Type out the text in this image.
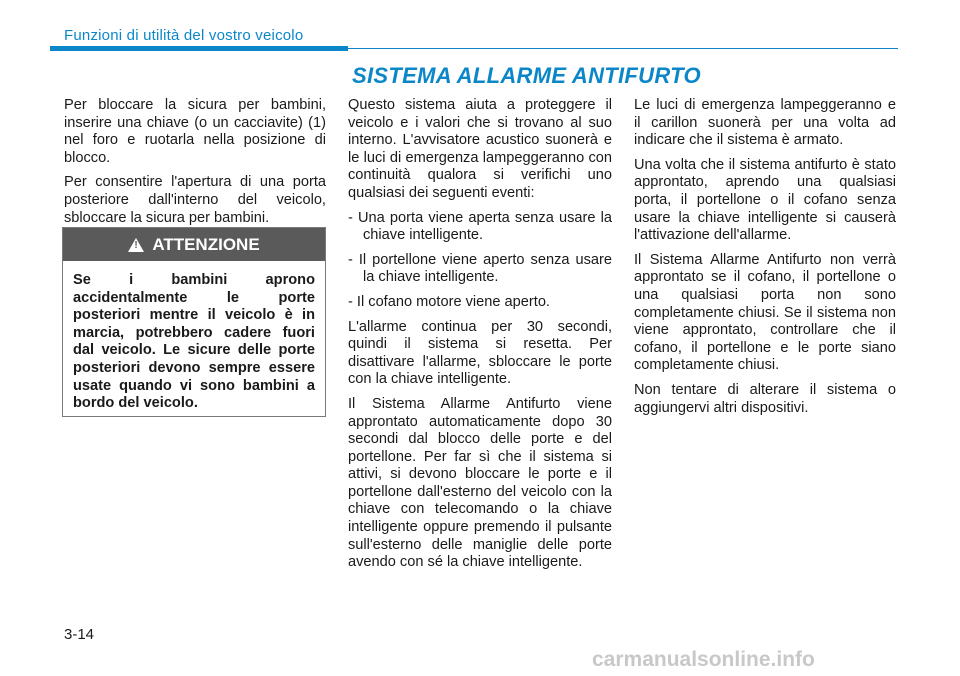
Funzioni di utilità del vostro veicolo
SISTEMA ALLARME ANTIFURTO

Per bloccare la sicura per bambini, inserire una chiave (o un cacciavite) (1) nel foro e ruotarla nella posizione di blocco.

Per consentire l'apertura di una porta posteriore dall'interno del veicolo, sbloccare la sicura per bambini.

!
ATTENZIONE
Se i bambini aprono accidentalmente le porte posteriori mentre il veicolo è in marcia, potrebbero cadere fuori dal veicolo. Le sicure delle porte posteriori devono sempre essere usate quando vi sono bambini a bordo del veicolo.

Questo sistema aiuta a proteggere il veicolo e i valori che si trovano al suo interno. L'avvisatore acustico suonerà e le luci di emergenza lampeggeranno con continuità qualora si verifichi uno qualsiasi dei seguenti eventi:

- Una porta viene aperta senza usare la chiave intelligente.

- Il portellone viene aperto senza usare la chiave intelligente.

- Il cofano motore viene aperto.

L'allarme continua per 30 secondi, quindi il sistema si resetta. Per disattivare l'allarme, sbloccare le porte con la chiave intelligente.

Il Sistema Allarme Antifurto viene approntato automaticamente dopo 30 secondi dal blocco delle porte e del portellone. Per far sì che il sistema si attivi, si devono bloccare le porte e il portellone dall'esterno del veicolo con la chiave con telecomando o la chiave intelligente oppure premendo il pulsante sull'esterno delle maniglie delle porte avendo con sé la chiave intelligente.

Le luci di emergenza lampeggeranno e il carillon suonerà per una volta ad indicare che il sistema è armato.

Una volta che il sistema antifurto è stato approntato, aprendo una qualsiasi porta, il portellone o il cofano senza usare la chiave intelligente si causerà l'attivazione dell'allarme.

Il Sistema Allarme Antifurto non verrà approntato se il cofano, il portellone o una qualsiasi porta non sono completamente chiusi. Se il sistema non viene approntato, controllare che il cofano, il portellone e le porte siano completamente chiusi.

Non tentare di alterare il sistema o aggiungervi altri dispositivi.

3-14
carmanualsonline.info
